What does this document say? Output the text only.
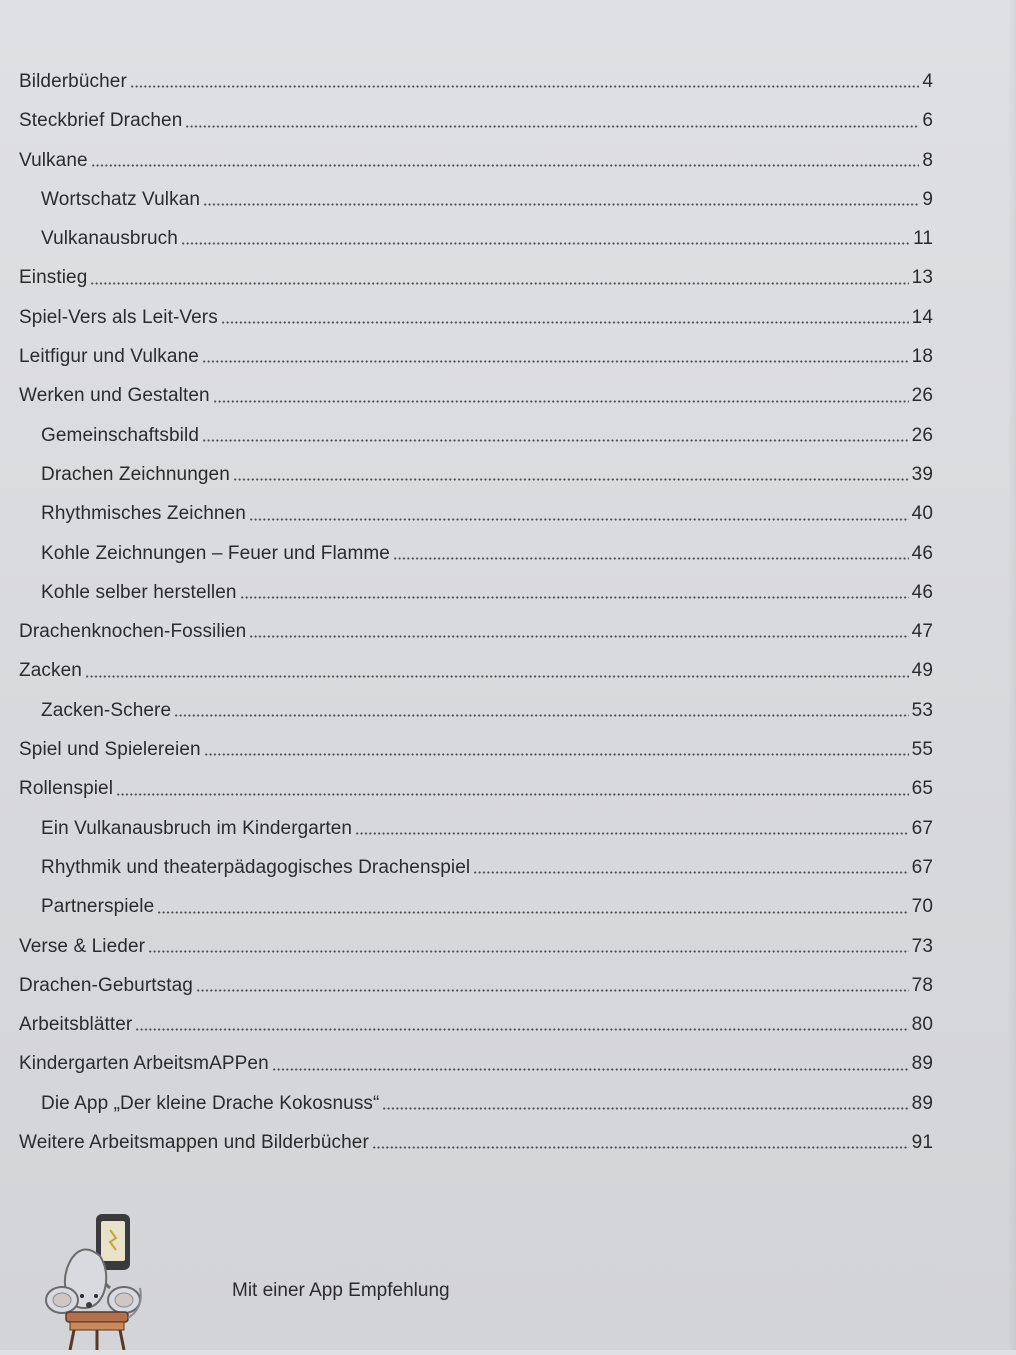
Bilderbücher	4
Steckbrief Drachen	6
Vulkane	8
Wortschatz Vulkan	9
Vulkanausbruch	11
Einstieg	13
Spiel-Vers als Leit-Vers	14
Leitfigur und Vulkane	18
Werken und Gestalten	26
Gemeinschaftsbild	26
Drachen Zeichnungen	39
Rhythmisches Zeichnen	40
Kohle Zeichnungen – Feuer und Flamme	46
Kohle selber herstellen	46
Drachenknochen-Fossilien	47
Zacken	49
Zacken-Schere	53
Spiel und Spielereien	55
Rollenspiel	65
Ein Vulkanausbruch im Kindergarten	67
Rhythmik und theaterpädagogisches Drachenspiel	67
Partnerspiele	70
Verse & Lieder	73
Drachen-Geburtstag	78
Arbeitsblätter	80
Kindergarten ArbeitsmAPPen	89
Die App „Der kleine Drache Kokosnuss“	89
Weitere Arbeitsmappen und Bilderbücher	91
Mit einer App Empfehlung
